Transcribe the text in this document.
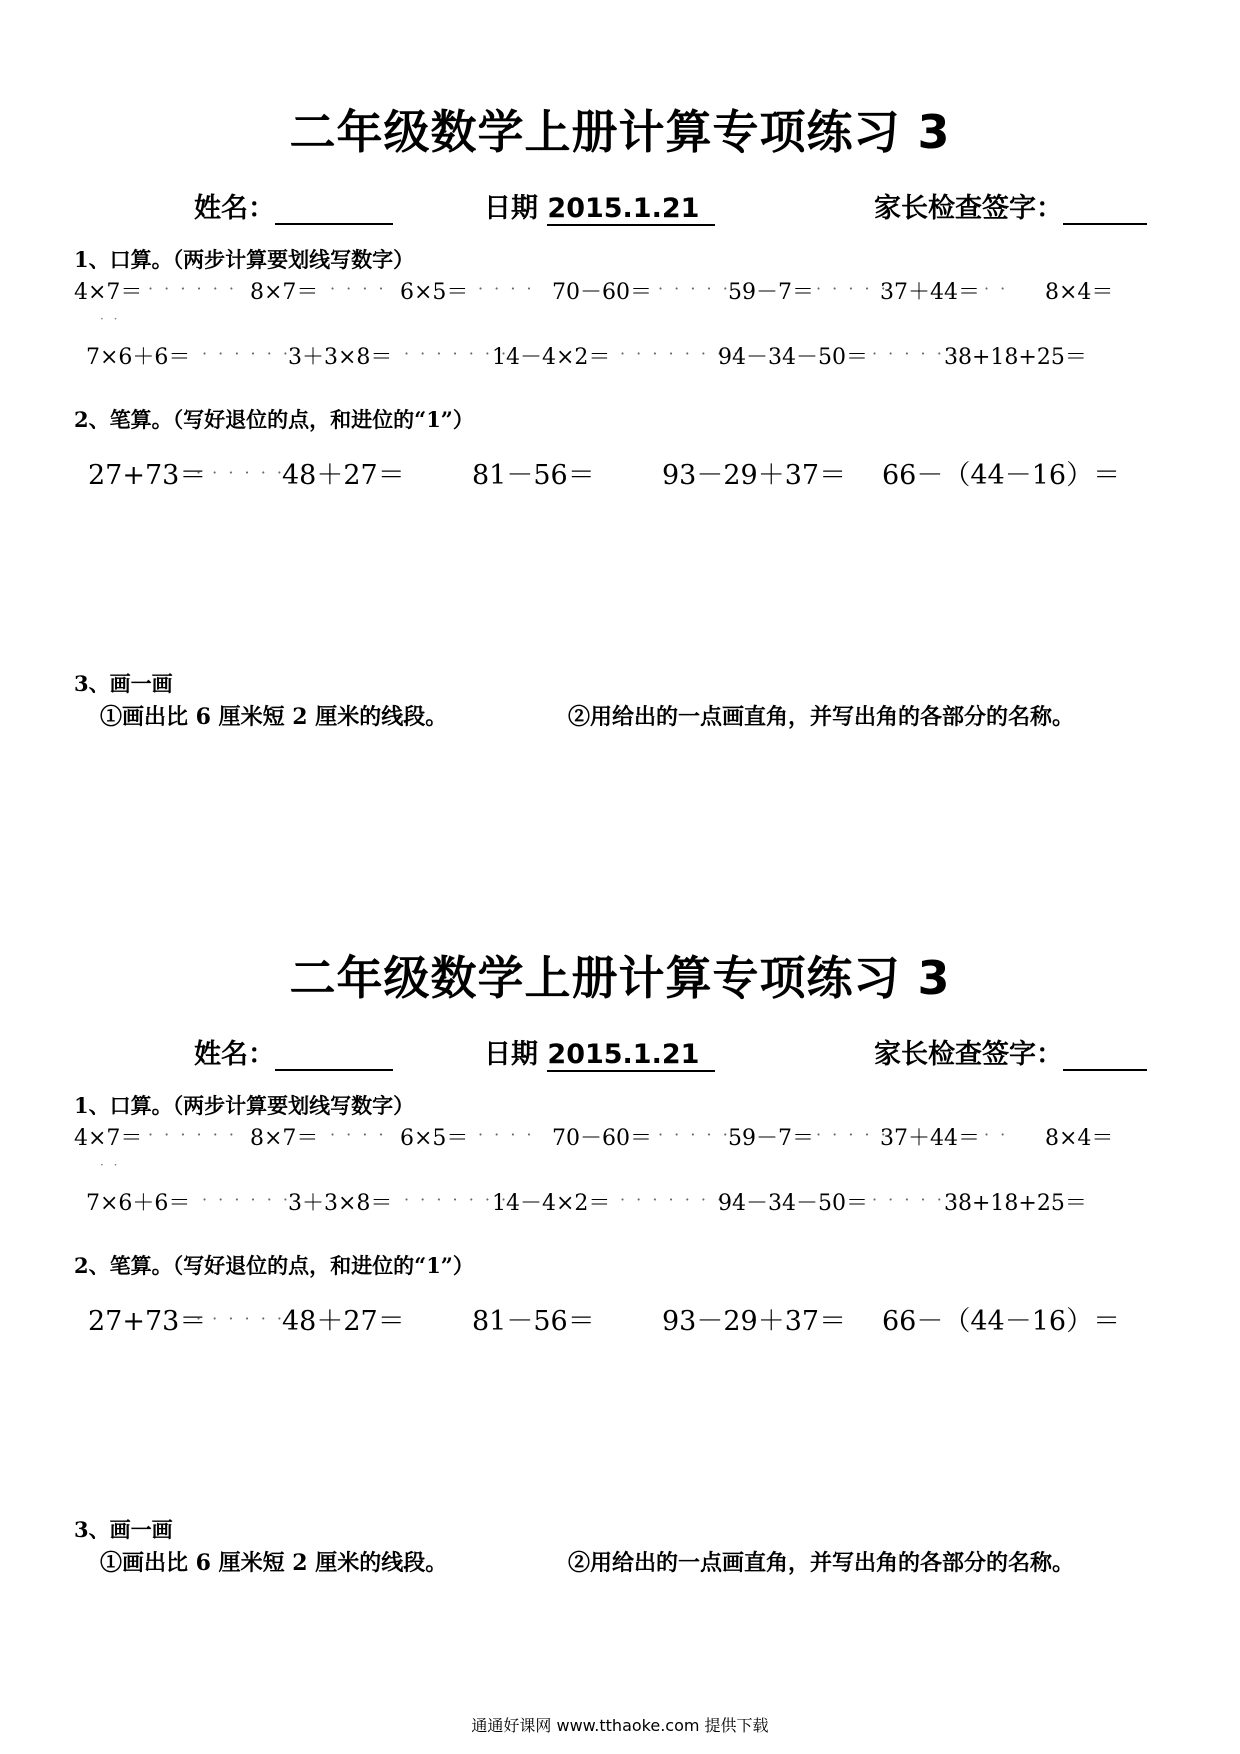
二年级数学上册计算专项练习 3
姓名：	日期 2015.1.21	家长检查签字：
1、口算。（两步计算要划线写数字）
4×7＝ · · · · · · 8×7＝ · · · · 6×5＝ · · · · 70－60＝ · · · · ·
59－7＝ · · · · ·
37＋44＝ · · 8×4＝
· ·
7×6＋6＝ · · · · · ·
3＋3×8＝ · · · · · · ·
14－4×2＝ · · · · · · · ·
94－34－50＝ · · · · · ·
38+18+25＝
2、笔算。（写好退位的点，和进位的“1”）
27+73＝
· · · · · ·
48＋27＝ 81－56＝ 93－29＋37＝ 66－（44－16）＝
3、画一画
①画出比 6 厘米短 2 厘米的线段。	②用给出的一点画直角，并写出角的各部分的名称。
二年级数学上册计算专项练习 3
姓名：	日期 2015.1.21	家长检查签字：
1、口算。（两步计算要划线写数字）
4×7＝ · · · · · · 8×7＝ · · · · 6×5＝ · · · · 70－60＝ · · · · ·
59－7＝ · · · · ·
37＋44＝ · · 8×4＝
· ·
7×6＋6＝ · · · · · ·
3＋3×8＝ · · · · · · ·
14－4×2＝ · · · · · · · ·
94－34－50＝ · · · · · ·
38+18+25＝
2、笔算。（写好退位的点，和进位的“1”）
27+73＝
· · · · · ·
48＋27＝ 81－56＝ 93－29＋37＝ 66－（44－16）＝
3、画一画
①画出比 6 厘米短 2 厘米的线段。	②用给出的一点画直角，并写出角的各部分的名称。
通通好课网 www.tthaoke.com 提供下载
